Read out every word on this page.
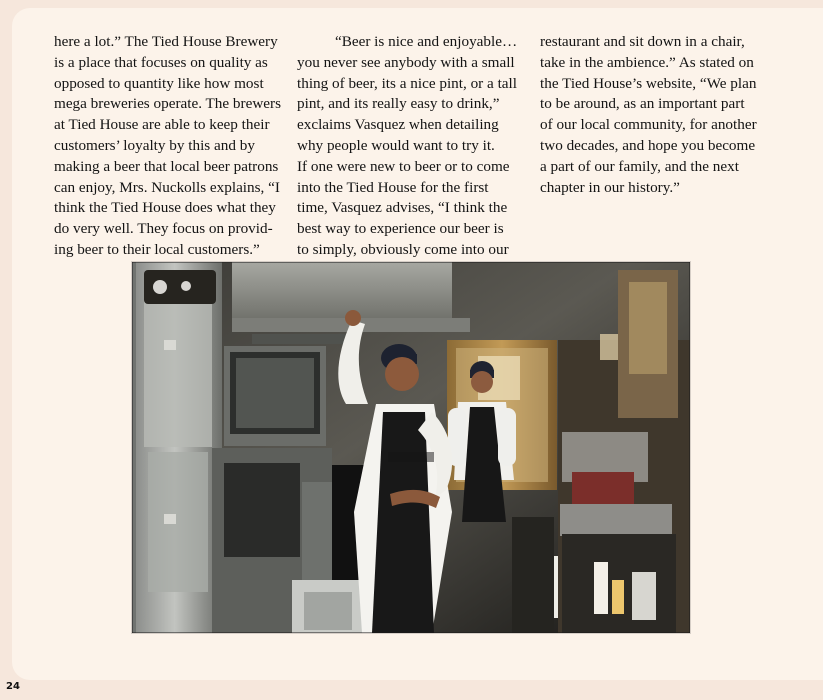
here a lot.” The Tied House Brewery
is a place that focuses on quality as
opposed to quantity like how most
mega breweries operate. The brewers
at Tied House are able to keep their
customers’ loyalty by this and by
making a beer that local beer patrons
can enjoy, Mrs. Nuckolls explains, “I
think the Tied House does what they
do very well. They focus on provid-
ing beer to their local customers.”
“Beer is nice and enjoyable…
you never see anybody with a small
thing of beer, its a nice pint, or a tall
pint, and its really easy to drink,”
exclaims Vasquez when detailing
why people would want to try it.
If one were new to beer or to come
into the Tied House for the first
time, Vasquez advises, “I think the
best way to experience our beer is
to simply, obviously come into our
restaurant and sit down in a chair,
take in the ambience.” As stated on
the Tied House’s website, “We plan
to be around, as an important part
of our local community, for another
two decades, and hope you become
a part of our family, and the next
chapter in our history.”
24
